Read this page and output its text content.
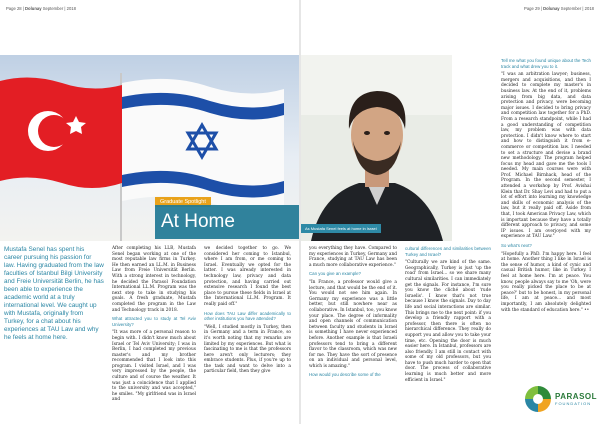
Page 28 | Dolunay September | 2018
Graduate Spotlight
At Home
Mustafa Senel has spent his career pursuing his passion for law. Having graduated from the law faculties of Istanbul Bilgi University and Freie Universität Berlin, he has been able to experience the academic world at a truly international level. We caught up with Mustafa, originally from Turkey, for a chat about his experiences at TAU Law and why he feels at home here.

After completing his LLB, Mustafa Senel began working at one of the most reputable law firms in Turkey. He then earned an LL.M. in Business Law from Freie Universität Berlin. With a strong interest in technology, he decided the Parasol Foundation International LL.M. Program was the next step to take in studying his goals. A fresh graduate, Mustafa completed the program in the Law and Technology track in 2018.

What attracted you to study at Tel Aviv University?

"It was more of a personal reason to begin with. I didn't know much about Israel or Tel Aviv University; I was in Berlin, I had completed my previous master's and my brother recommended that I look into this program. I visited Israel, and I was very impressed by the people, the culture and of course the weather. It was just a coincidence that I applied to the university and was accepted," he smiles. "My girlfriend was in Israel and

we decided together to go. We considered her coming to Istanbul, where I am from, or me coming to Israel. Eventually we opted for the latter. I was already interested in technology law, privacy and data protection, and having carried out extensive research I found the best place to pursue these fields in Israel at the International LL.M. Program. It really paid off."

How does TAU Law differ academically to other institutions you have attended?

"Well, I studied mostly in Turkey, then in Germany and a term in France, so it's worth noting that my remarks are limited by my experiences. But what is fascinating to me is that the professors here aren't only lecturers; they embrace students. Plus, if you're up to the task and want to delve into a particular field, then they give

Page 29 | Dolunay September | 2018
As Mustafa Senel feels at home in Israel

you everything they have. Compared to my experiences in Turkey, Germany and France, studying at TAU Law has been a much more collaborative experience."

Can you give an example?

"In France, a professor would give a lecture, and that would be the end of it. You would not see him again. In Germany my experience was a little better, but still nowhere near as collaborative. In Istanbul, too, you know your place. The degree of informality and open channels of communication between faculty and students in Israel is something I have never experienced before. Another example is that Israeli professors tend to bring a different flavor to the classroom, which was new for me. They have the sort of presence on an individual and personal level, which is amazing."

How would you describe some of the

cultural differences and similarities between Turkey and Israel?

"Culturally we are kind of the same. Geographically, Turkey is just 'up the road' from Israel... so we share many cultural similarities. I can immediately get the signals. For instance, I'm sure you know the cliché about 'rude Israelis'. I know that's not true because I know the signals. Day to day life and social interactions are similar. This brings me to the next point: if you develop a friendly rapport with a professor, then there is often no hierarchical difference. They really do support you and allow you to take your time, etc. Opening the door is much easier here. In Istanbul, professors are also friendly. I am still in contact with some of my old professors, but you have to push much harder to open that door. The process of collaborative learning is much better and more efficient in Israel."

Tell me what you found unique about the Tech track and what drew you to it.

"I was an arbitration lawyer; business, mergers and acquisitions, and then I decided to complete my master's in business law. At the end of it, problems arising from big data, and data protection and privacy, were becoming major issues. I decided to bring privacy and competition law together for a PhD. From a research standpoint, while I had a good understanding of competition law, my problem was with data protection. I didn't know where to start and how to distinguish it from e-commerce or competition law. I needed to set a structure and devise a brand new methodology. The program helped focus my head and gave me the tools I needed. My main courses were with Prof. Michael Birnhack, head of the Program. In the second semester, I attended a workshop by Prof. Avishai Klein that Dr. Shay Levi and had to put a lot of effort into learning my knowledge and skills of economic analysis of the law, but it really paid off. Aside from that, I took American Privacy Law, which is important because they have a totally different approach to privacy, and some IP issues. I am overjoyed with my experience at TAU Law."

So what's next?

"Hopefully a PhD. I'm happy here. I feel at home. Another thing I like in Israel is the sense of humor, a kind of cynic and casual British humor, like in Turkey. I feel at home here. I'm at peace. You know, people always say to me 'Oh, were you really picked the place to be at peace?' but to be honest, in my personal life, I am at peace... and most importantly, I am absolutely delighted with the standard of education here." ••

PARASOL
FOUNDATION
